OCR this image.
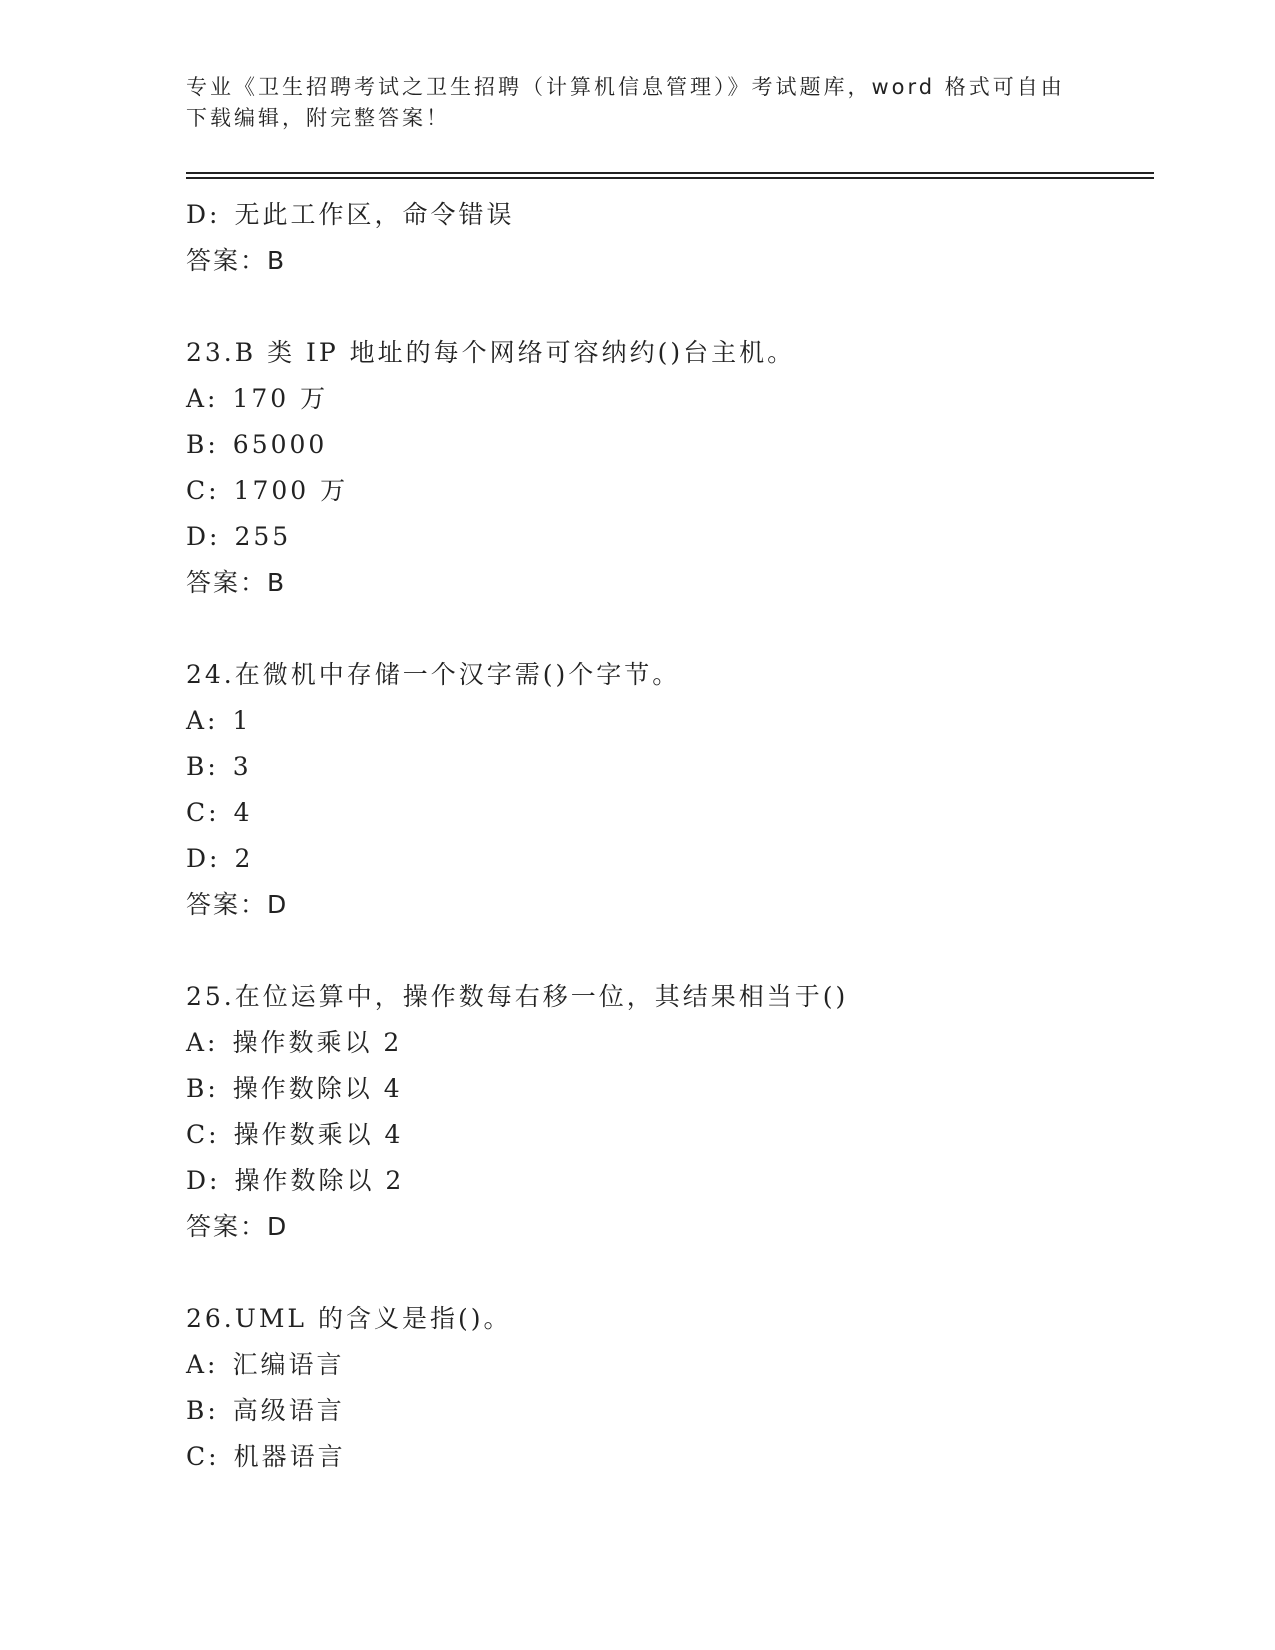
专业《卫生招聘考试之卫生招聘（计算机信息管理）》考试题库，word 格式可自由下载编辑，附完整答案！
D: 无此工作区，命令错误
答案：B
23.B 类 IP 地址的每个网络可容纳约()台主机。
A: 170 万
B: 65000
C: 1700 万
D: 255
答案：B
24.在微机中存储一个汉字需()个字节。
A: 1
B: 3
C: 4
D: 2
答案：D
25.在位运算中，操作数每右移一位，其结果相当于()
A: 操作数乘以 2
B: 操作数除以 4
C: 操作数乘以 4
D: 操作数除以 2
答案：D
26.UML 的含义是指()。
A: 汇编语言
B: 高级语言
C: 机器语言
